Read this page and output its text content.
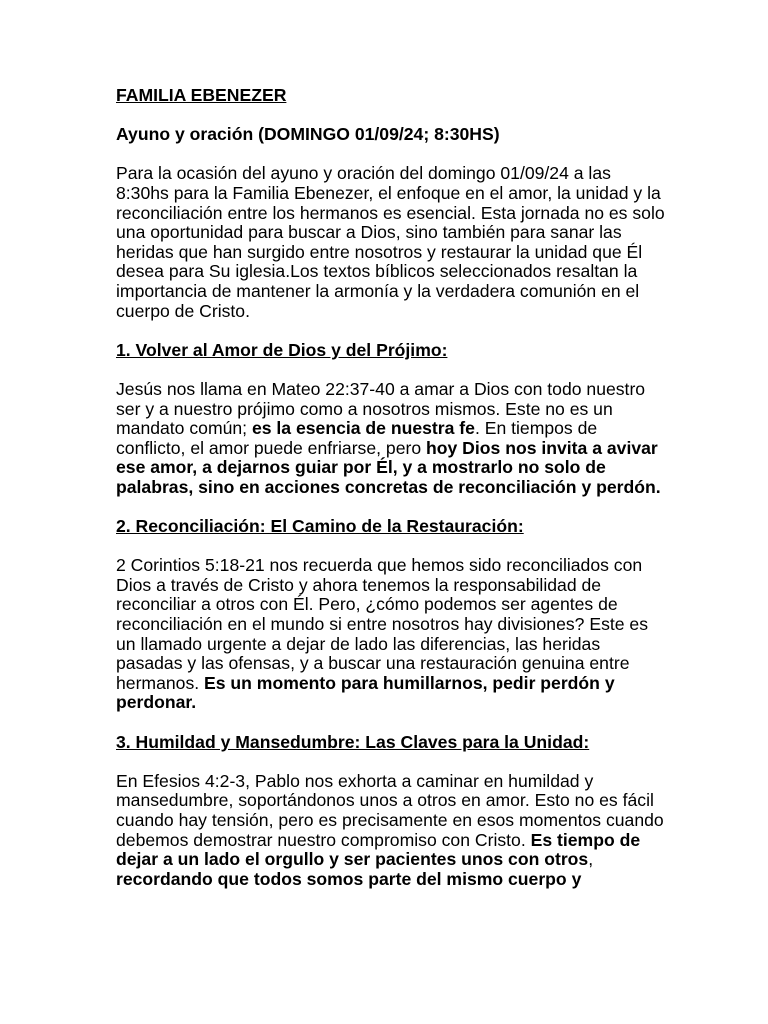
FAMILIA EBENEZER

Ayuno y oración (DOMINGO 01/09/24; 8:30HS)

Para la ocasión del ayuno y oración del domingo 01/09/24 a las 8:30hs para la Familia Ebenezer, el enfoque en el amor, la unidad y la reconciliación entre los hermanos es esencial. Esta jornada no es solo una oportunidad para buscar a Dios, sino también para sanar las heridas que han surgido entre nosotros y restaurar la unidad que Él desea para Su iglesia.Los textos bíblicos seleccionados resaltan la importancia de mantener la armonía y la verdadera comunión en el cuerpo de Cristo.

1. Volver al Amor de Dios y del Prójimo:

Jesús nos llama en Mateo 22:37-40 a amar a Dios con todo nuestro ser y a nuestro prójimo como a nosotros mismos. Este no es un mandato común; es la esencia de nuestra fe. En tiempos de conflicto, el amor puede enfriarse, pero hoy Dios nos invita a avivar ese amor, a dejarnos guiar por Él, y a mostrarlo no solo de palabras, sino en acciones concretas de reconciliación y perdón.

2. Reconciliación: El Camino de la Restauración:

2 Corintios 5:18-21 nos recuerda que hemos sido reconciliados con Dios a través de Cristo y ahora tenemos la responsabilidad de reconciliar a otros con Él. Pero, ¿cómo podemos ser agentes de reconciliación en el mundo si entre nosotros hay divisiones? Este es un llamado urgente a dejar de lado las diferencias, las heridas pasadas y las ofensas, y a buscar una restauración genuina entre hermanos. Es un momento para humillarnos, pedir perdón y perdonar.

3. Humildad y Mansedumbre: Las Claves para la Unidad:

En Efesios 4:2-3, Pablo nos exhorta a caminar en humildad y mansedumbre, soportándonos unos a otros en amor. Esto no es fácil cuando hay tensión, pero es precisamente en esos momentos cuando debemos demostrar nuestro compromiso con Cristo. Es tiempo de dejar a un lado el orgullo y ser pacientes unos con otros, recordando que todos somos parte del mismo cuerpo y
